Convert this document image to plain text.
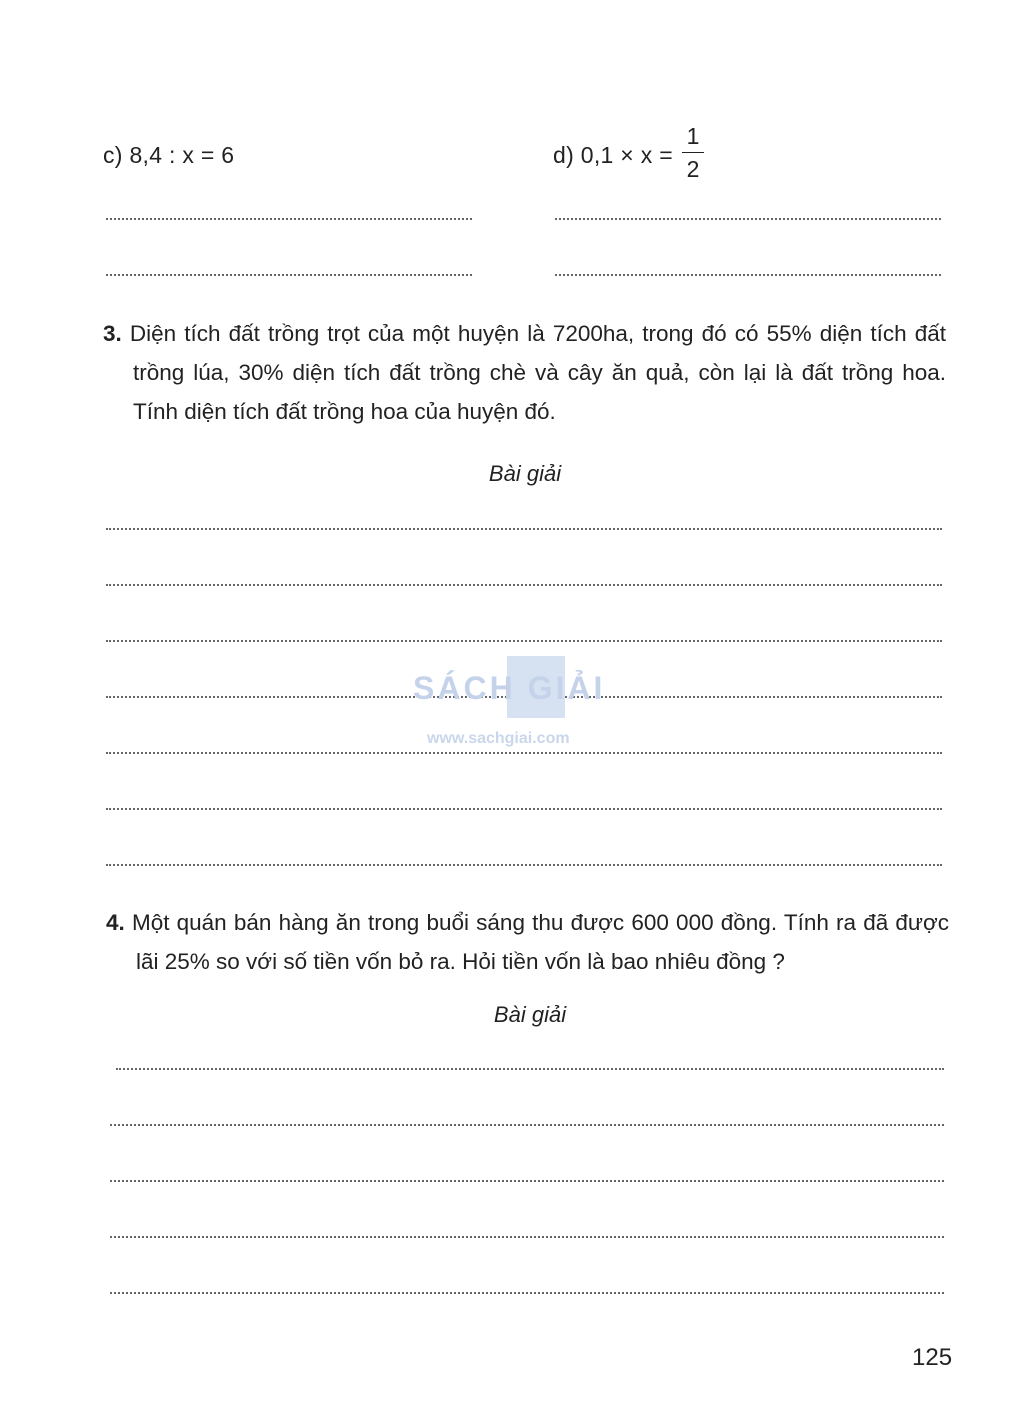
c) 8,4 : x = 6	d) 0,1 × x =
1
2
3. Diện tích đất trồng trọt của một huyện là 7200ha, trong đó có 55% diện tích đất trồng lúa, 30% diện tích đất trồng chè và cây ăn quả, còn lại là đất trồng hoa. Tính diện tích đất trồng hoa của huyện đó.
Bài giải
SÁCH GIẢI
www.sachgiai.com
4. Một quán bán hàng ăn trong buổi sáng thu được 600 000 đồng. Tính ra đã được lãi 25% so với số tiền vốn bỏ ra. Hỏi tiền vốn là bao nhiêu đồng ?
Bài giải
125
